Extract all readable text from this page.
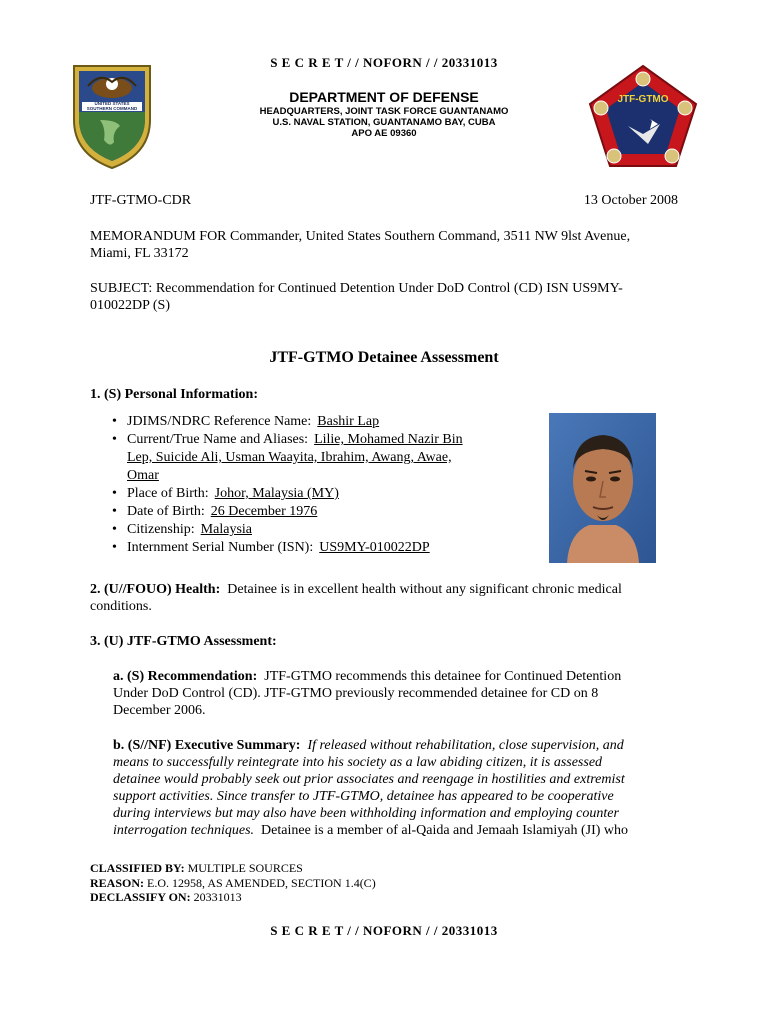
S E C R E T / / NOFORN / / 20331013
UNITED STATES SOUTHERN COMMAND
DEPARTMENT OF DEFENSE
HEADQUARTERS, JOINT TASK FORCE GUANTANAMO
U.S. NAVAL STATION, GUANTANAMO BAY, CUBA
APO AE 09360
JTF-GTMO
JTF-GTMO-CDR	13 October 2008
MEMORANDUM FOR Commander, United States Southern Command, 3511 NW 9lst Avenue,
Miami, FL 33172
SUBJECT: Recommendation for Continued Detention Under DoD Control (CD) ISN US9MY-
010022DP (S)
JTF-GTMO Detainee Assessment
1. (S) Personal Information:
• JDIMS/NDRC Reference Name: Bashir Lap
• Current/True Name and Aliases: Lilie, Mohamed Nazir Bin
Lep, Suicide Ali, Usman Waayita, Ibrahim, Awang, Awae,
Omar
• Place of Birth: Johor, Malaysia (MY)
• Date of Birth: 26 December 1976
• Citizenship: Malaysia
• Internment Serial Number (ISN): US9MY-010022DP
2. (U//FOUO) Health: Detainee is in excellent health without any significant chronic medical
conditions.
3. (U) JTF-GTMO Assessment:
a. (S) Recommendation: JTF-GTMO recommends this detainee for Continued Detention
Under DoD Control (CD). JTF-GTMO previously recommended detainee for CD on 8
December 2006.
b. (S//NF) Executive Summary: If released without rehabilitation, close supervision, and
means to successfully reintegrate into his society as a law abiding citizen, it is assessed
detainee would probably seek out prior associates and reengage in hostilities and extremist
support activities. Since transfer to JTF-GTMO, detainee has appeared to be cooperative
during interviews but may also have been withholding information and employing counter
interrogation techniques. Detainee is a member of al-Qaida and Jemaah Islamiyah (JI) who
CLASSIFIED BY: MULTIPLE SOURCES
REASON: E.O. 12958, AS AMENDED, SECTION 1.4(C)
DECLASSIFY ON: 20331013
S E C R E T / / NOFORN / / 20331013
